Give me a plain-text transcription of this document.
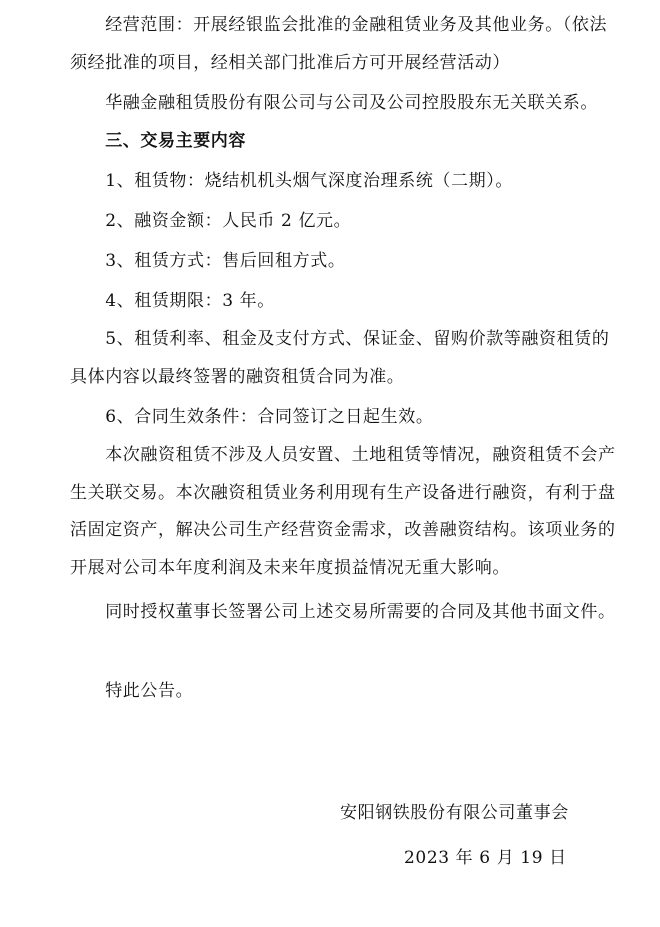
　　经营范围：开展经银监会批准的金融租赁业务及其他业务。（依法须经批准的项目，经相关部门批准后方可开展经营活动）

　　华融金融租赁股份有限公司与公司及公司控股股东无关联关系。

　　三、交易主要内容

　　1、租赁物：烧结机机头烟气深度治理系统（二期）。

　　2、融资金额：人民币 2 亿元。

　　3、租赁方式：售后回租方式。

　　4、租赁期限：3 年。

　　5、租赁利率、租金及支付方式、保证金、留购价款等融资租赁的具体内容以最终签署的融资租赁合同为准。

　　6、合同生效条件：合同签订之日起生效。

　　本次融资租赁不涉及人员安置、土地租赁等情况，融资租赁不会产生关联交易。本次融资租赁业务利用现有生产设备进行融资，有利于盘活固定资产，解决公司生产经营资金需求，改善融资结构。该项业务的开展对公司本年度利润及未来年度损益情况无重大影响。

　　同时授权董事长签署公司上述交易所需要的合同及其他书面文件。

　　特此公告。

安阳钢铁股份有限公司董事会

2023 年 6 月 19 日
